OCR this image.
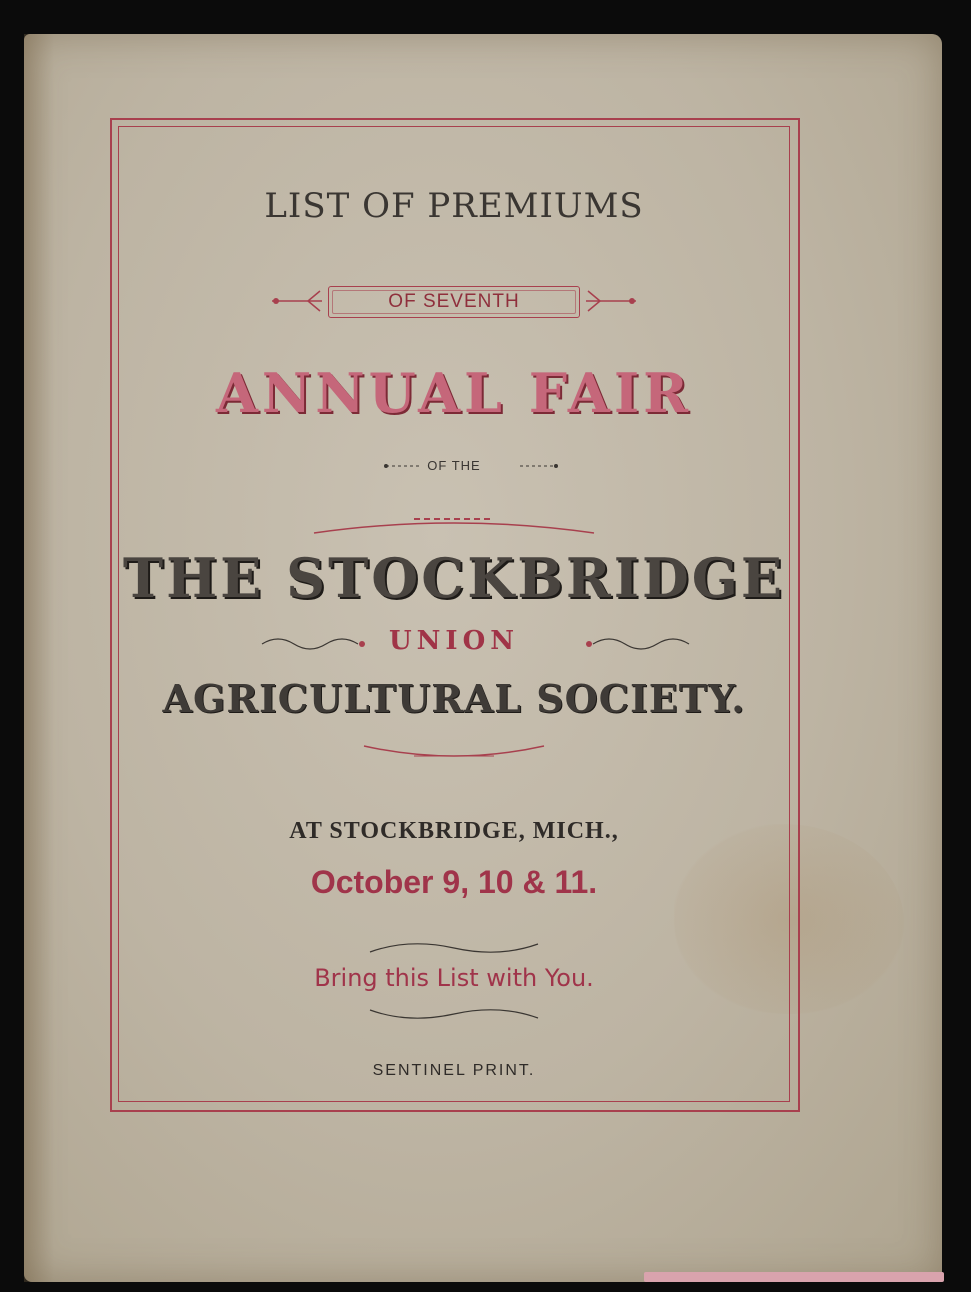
LIST OF PREMIUMS
OF SEVENTH
ANNUAL FAIR
OF THE
THE STOCKBRIDGE
UNION
AGRICULTURAL SOCIETY.
AT STOCKBRIDGE, MICH.,
October 9, 10 & 11.
Bring this List with You.
SENTINEL PRINT.
